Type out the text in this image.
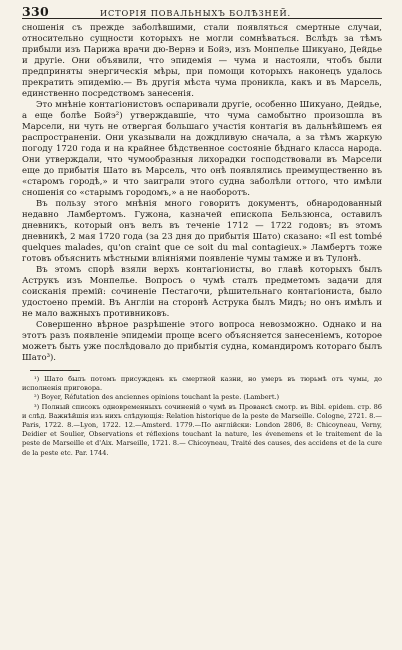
330	ИСТОРІЯ ПОВАЛЬНЫХЪ БОЛѢЗНЕЙ.

сношенія съ прежде заболѣвшими, стали появляться смертные случаи, относительно сущности которыхъ не могли сомнѣваться. Вслѣдъ за тѣмъ прибыли изъ Парижа врачи дю-Вернэ и Бойэ, изъ Монпелье Шикуано, Дейдье и другіе. Они объявили, что эпидемія — чума и настояли, чтобъ были предприняты энергическія мѣры, при помощи которыхъ наконецъ удалось прекратить эпидемію.— Въ другія мѣста чума проникла, какъ и въ Марсель, единственно посредствомъ занесенія.

Это мнѣніе контагіонистовъ оспаривали другіе, особенно Шикуано, Дейдье, а еще болѣе Бойэ²) утверждавшіе, что чума самобытно произошла въ Марсели, ни чуть не отвергая большаго участія контагія въ дальнѣйшемъ ея распространеніи. Они указывали на дождливую сначала, а за тѣмъ жаркую погоду 1720 года и на крайнее бѣдственное состояніе бѣднаго класса народа. Они утверждали, что чумообразныя лихорадки господствовали въ Марсели еще до прибытія Шато въ Марсель, что онѣ появлялись преимущественно въ «старомъ городѣ,» и что заиграли этого судна заболѣли оттого, что имѣли сношенія со «старымъ городомъ,» а не наоборотъ.

Въ пользу этого мнѣнія много говоритъ документъ, обнародованный недавно Ламбертомъ. Гужона, казначей епископа Бельзюнса, оставилъ дневникъ, который онъ велъ въ теченіе 1712 — 1722 годовъ; въ этомъ дневникѣ, 2 мая 1720 года (за 23 дня до прибытія Шато) сказано: «Il est tombé quelques malades, qu'on craint que ce soit du mal contagieux.» Ламбертъ тоже готовъ объяснить мѣстными вліяніями появленіе чумы тамже и въ Тулонѣ.

Въ этомъ спорѣ взяли верхъ контагіонисты, во главѣ которыхъ былъ Аструкъ изъ Монпелье. Вопросъ о чумѣ сталъ предметомъ задачи для соисканія премій: сочиненіе Пестагочи, рѣшительнаго контагіониста, было удостоено премій. Въ Англіи на сторонѣ Аструка былъ Мидъ; но онъ имѣлъ и не мало важныхъ противниковъ.

Совершенно вѣрное разрѣшеніе этого вопроса невозможно. Однако и на этотъ разъ появленіе эпидеміи проще всего объясняется занесеніемъ, которое можетъ быть уже послѣдовало до прибытія судна, командиромъ котораго былъ Шато³).

¹) Шато былъ потомъ присужденъ къ смертной казни, но умеръ въ тюрьмѣ отъ чумы, до исполненія приговора.

²) Boyer, Réfutation des anciennes opinions touchant la peste. (Lambert.)

³) Полный списокъ одновременныхъ сочиненій о чумѣ въ Провансѣ смотр. въ Bibl. epidem. стр. 86 и слѣд. Важнѣйшія изъ нихъ слѣдующія: Relation historique de la peste de Marseille. Cologne, 2721. 8.—Paris, 1722. 8.—Lyon, 1722. 12.—Amsterd. 1779.—По англійски: London 2806, 8: Chicoyneau, Verny, Deidier et Soulier, Observations et réflexions touchant la nature, les évenemens et le traitement de la peste de Marseille et d'Aix. Marseille, 1721. 8.— Chicoyneau, Traité des causes, des accidens et de la cure de la peste etc. Par. 1744.
